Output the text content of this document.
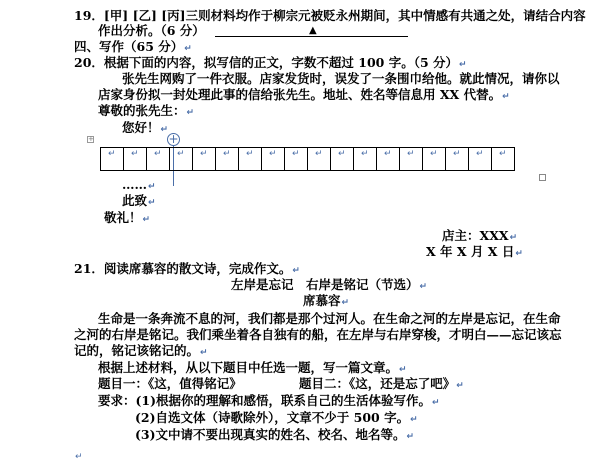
19．[甲] [乙] [丙]三则材料均作于柳宗元被贬永州期间，其中情感有共通之处，请结合内容
作出分析。（6 分）	▲
四、写作（65 分）↵
20．根据下面的内容，拟写信的正文，字数不超过 100 字。（5 分）↵
张先生网购了一件衣服。店家发货时，误发了一条围巾给他。就此情况，请你以
店家身份拟一封处理此事的信给张先生。地址、姓名等信息用 XX 代替。↵
尊敬的张先生：↵
您好！↵
+	+
↵ ↵ ↵ ↵ ↵ ↵ ↵ ↵ ↵ ↵ ↵ ↵ ↵ ↵ ↵ ↵ ↵ ↵
……↵
此致↵
敬礼！↵
店主：XXX↵
X 年 X 月 X 日↵
21．阅读席慕容的散文诗，完成作文。↵
左岸是忘记　右岸是铭记（节选）↵
席慕容↵
生命是一条奔流不息的河，我们都是那个过河人。在生命之河的左岸是忘记，在生命
之河的右岸是铭记。我们乘坐着各自独有的船，在左岸与右岸穿梭，才明白——忘记该忘
记的，铭记该铭记的。↵
根据上述材料，从以下题目中任选一题，写一篇文章。↵
题目一：《这，值得铭记》	题目二：《这，还是忘了吧》↵
要求：(1)根据你的理解和感悟，联系自己的生活体验写作。↵
(2)自选文体（诗歌除外），文章不少于 500 字。↵
(3)文中请不要出现真实的姓名、校名、地名等。↵
↵
